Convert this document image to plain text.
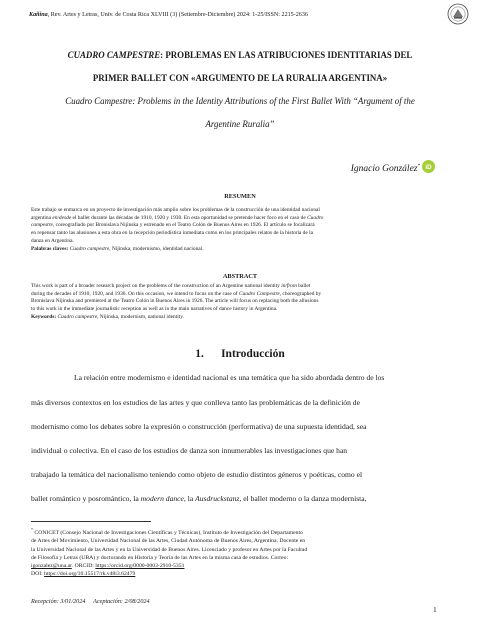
Kañina, Rev. Artes y Letras, Univ. de Costa Rica XLVIII (3) (Setiembre-Diciembre) 2024: 1-25/ISSN: 2215-2636
CUADRO CAMPESTRE: PROBLEMAS EN LAS ATRIBUCIONES IDENTITARIAS DEL
PRIMER BALLET CON «ARGUMENTO DE LA RURALIA ARGENTINA»
Cuadro Campestre: Problems in the Identity Attributions of the First Ballet With “Argument of the
Argentine Ruralia”
Ignacio González* iD
RESUMEN
Este trabajo se enmarca en un proyecto de investigación más amplio sobre los problemas de la construcción de una identidad nacional
argentina en/desde el ballet durante las décadas de 1910, 1920 y 1930. En esta oportunidad se pretende hacer foco en el caso de Cuadro
campestre, coreografiado por Bronislava Nijinska y estrenado en el Teatro Colón de Buenos Aires en 1926. El artículo se focalizará
en repensar tanto las alusiones a esta obra en la recepción periodística inmediata como en los principales relatos de la historia de la
danza en Argentina.
Palabras claves: Cuadro campestre, Nijinska, modernismo, identidad nacional.
ABSTRACT
This work is part of a broader research project on the problems of the construction of an Argentine national identity in/from ballet
during the decades of 1910, 1920, and 1930. On this occasion, we intend to focus on the case of Cuadro Campestre, choreographed by
Bronislava Nijinska and premiered at the Teatro Colón in Buenos Aires in 1926. The article will focus on replacing both the allusions
to this work in the immediate journalistic reception as well as in the main narratives of dance history in Argentina.
Keywords: Cuadro campestre, Nijinska, modernism, national identity.
1.      Introducción
La relación entre modernismo e identidad nacional es una temática que ha sido abordada dentro de los
más diversos contextos en los estudios de las artes y que conlleva tanto las problemáticas de la definición de
modernismo como los debates sobre la expresión o construcción (performativa) de una supuesta identidad, sea
individual o colectiva. En el caso de los estudios de danza son innumerables las investigaciones que han
trabajado la temática del nacionalismo teniendo como objeto de estudio distintos géneros y poéticas, como el
ballet romántico y posromántico, la modern dance, la Ausdruckstanz, el ballet moderno o la danza modernista,
* CONICET (Consejo Nacional de Investigaciones Científicas y Técnicas), Instituto de Investigación del Departamento
de Artes del Movimiento, Universidad Nacional de las Artes, Ciudad Autónoma de Buenos Aires, Argentina. Docente en
la Universidad Nacional de las Artes y en la Universidad de Buenos Aires. Licenciado y profesor en Artes por la Facultad
de Filosofía y Letras (UBA) y doctorando en Historia y Teoría de las Artes en la misma casa de estudios. Correo:
igonzalez@una.ar. ORCID: https://orcid.org/0000-0003-2910-5351
DOI: https://doi.org/10.15517/rk.v48i3.62479
Recepción: 3/01/2024     Aceptación: 2/08/2024
1
